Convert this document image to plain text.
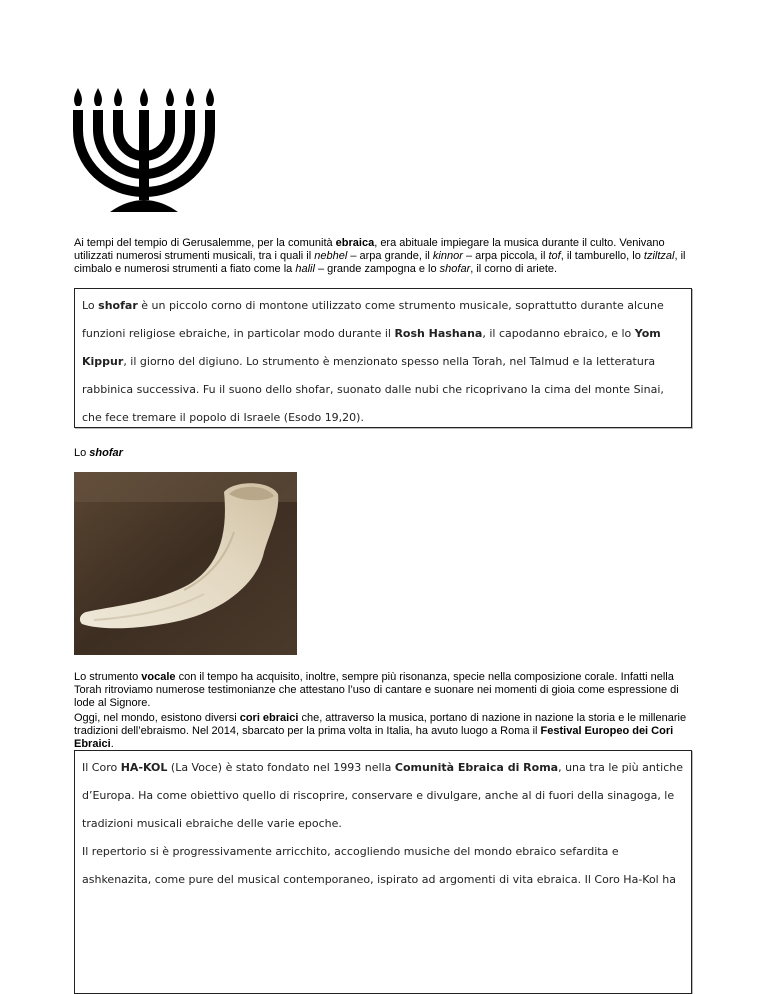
Ai tempi del tempio di Gerusalemme, per la comunità ebraica, era abituale impiegare la musica durante il culto. Venivano utilizzati numerosi strumenti musicali, tra i quali il nebhel – arpa grande, il kinnor – arpa piccola, il tof, il tamburello, lo tziltzal, il cimbalo e numerosi strumenti a fiato come la halil – grande zampogna e lo shofar, il corno di ariete.

Lo shofar è un piccolo corno di montone utilizzato come strumento musicale, soprattutto durante alcune funzioni religiose ebraiche, in particolar modo durante il Rosh Hashana, il capodanno ebraico, e lo Yom Kippur, il giorno del digiuno. Lo strumento è menzionato spesso nella Torah, nel Talmud e la letteratura rabbinica successiva. Fu il suono dello shofar, suonato dalle nubi che ricoprivano la cima del monte Sinai, che fece tremare il popolo di Israele (Esodo 19,20).

Lo shofar
Lo strumento vocale con il tempo ha acquisito, inoltre, sempre più risonanza, specie nella composizione corale. Infatti nella Torah ritroviamo numerose testimonianze che attestano l’uso di cantare e suonare nei momenti di gioia come espressione di lode al Signore.
Oggi, nel mondo, esistono diversi cori ebraici che, attraverso la musica, portano di nazione in nazione la storia e le millenarie tradizioni dell’ebraismo. Nel 2014, sbarcato per la prima volta in Italia, ha avuto luogo a Roma il Festival Europeo dei Cori Ebraici.

Il Coro HA-KOL (La Voce) è stato fondato nel 1993 nella Comunità Ebraica di Roma, una tra le più antiche d’Europa. Ha come obiettivo quello di riscoprire, conservare e divulgare, anche al di fuori della sinagoga, le tradizioni musicali ebraiche delle varie epoche.

Il repertorio si è progressivamente arricchito, accogliendo musiche del mondo ebraico sefardita e ashkenazita, come pure del musical contemporaneo, ispirato ad argomenti di vita ebraica. Il Coro Ha-Kol ha
